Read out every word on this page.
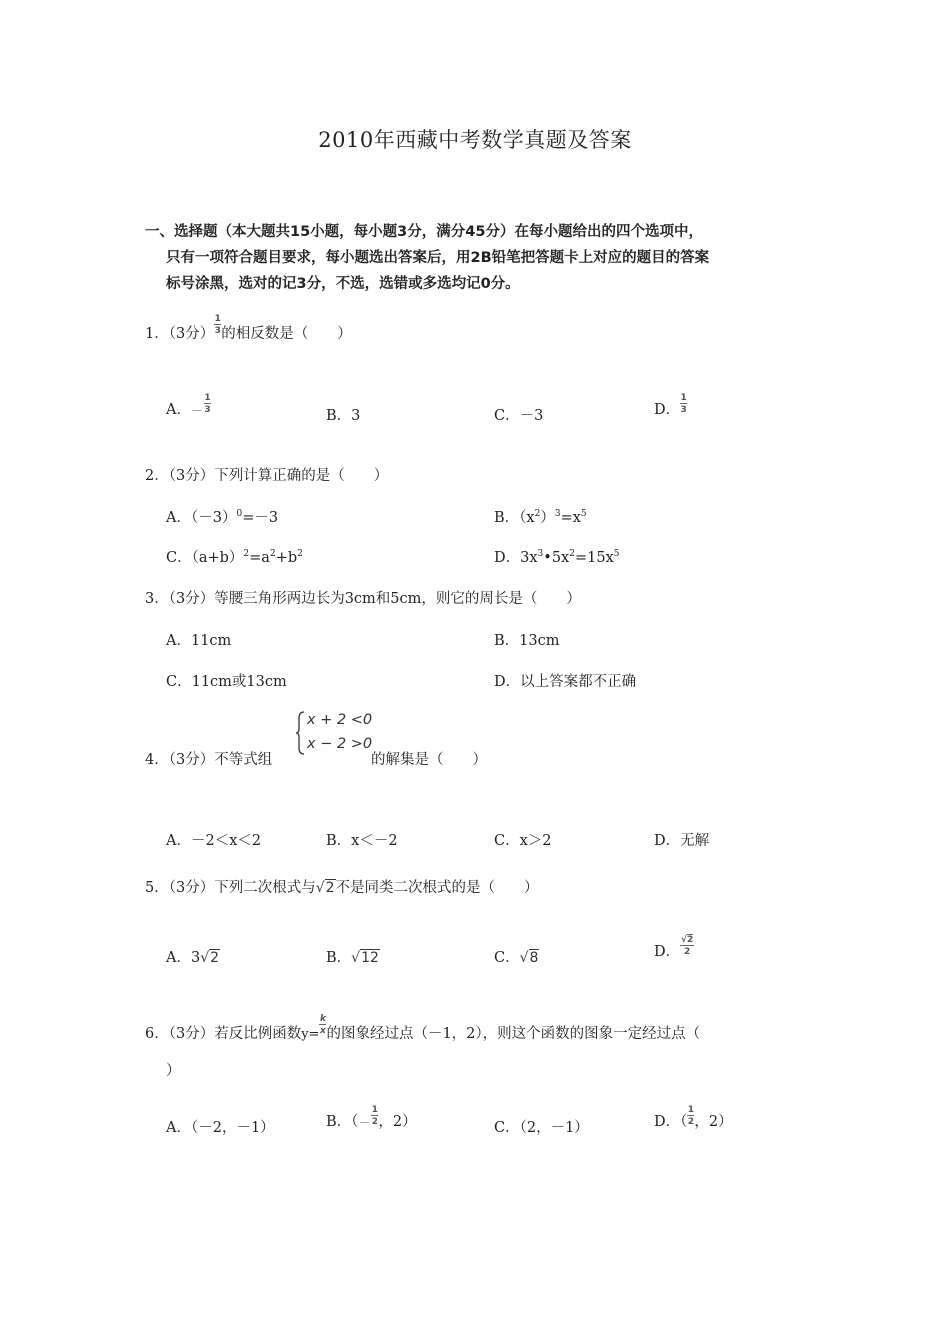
2010年西藏中考数学真题及答案
一、选择题（本大题共15小题，每小题3分，满分45分）在每小题给出的四个选项中，
只有一项符合题目要求，每小题选出答案后，用2B铅笔把答题卡上对应的题目的答案
标号涂黑，选对的记3分，不选，选错或多选均记0分。
1．（3分） $\frac{1}{3}$ 的相反数是（　　）
A．－ $\frac{1}{3}$
B．3	C．－3	D． $\frac{1}{3}$
2．（3分）下列计算正确的是（　　）
A．$(-3)^0=-3$	B．$(x^2)^3=x^5$
C．$(a+b)^2=a^2+b^2$	D．$3x^3•5x^2=15x^5$
3．（3分）等腰三角形两边长为3cm和5cm，则它的周长是（　　）
A．11cm	B．13cm
C．11cm或13cm	D．以上答案都不正确
4．（3分）不等式组
x + 2 <0
x − 2 >0
的解集是（　　）
A．－2＜x＜2	B．x＜－2	C．x＞2	D．无解
5．（3分）下列二次根式与√2不是同类二次根式的是（　　）
A．3√2	B．√12	C．√8	D． $\frac{√2}{2}$
6．（3分）若反比例函数$y= \frac{k}{x}$ 的图象经过点（－1，2），则这个函数的图象一定经过点（
）
A．（－2，－1）	B．（－ $\frac{1}{2}$ ，2）	C．（2，－1）	D．（ $\frac{1}{2}$ ，2）
